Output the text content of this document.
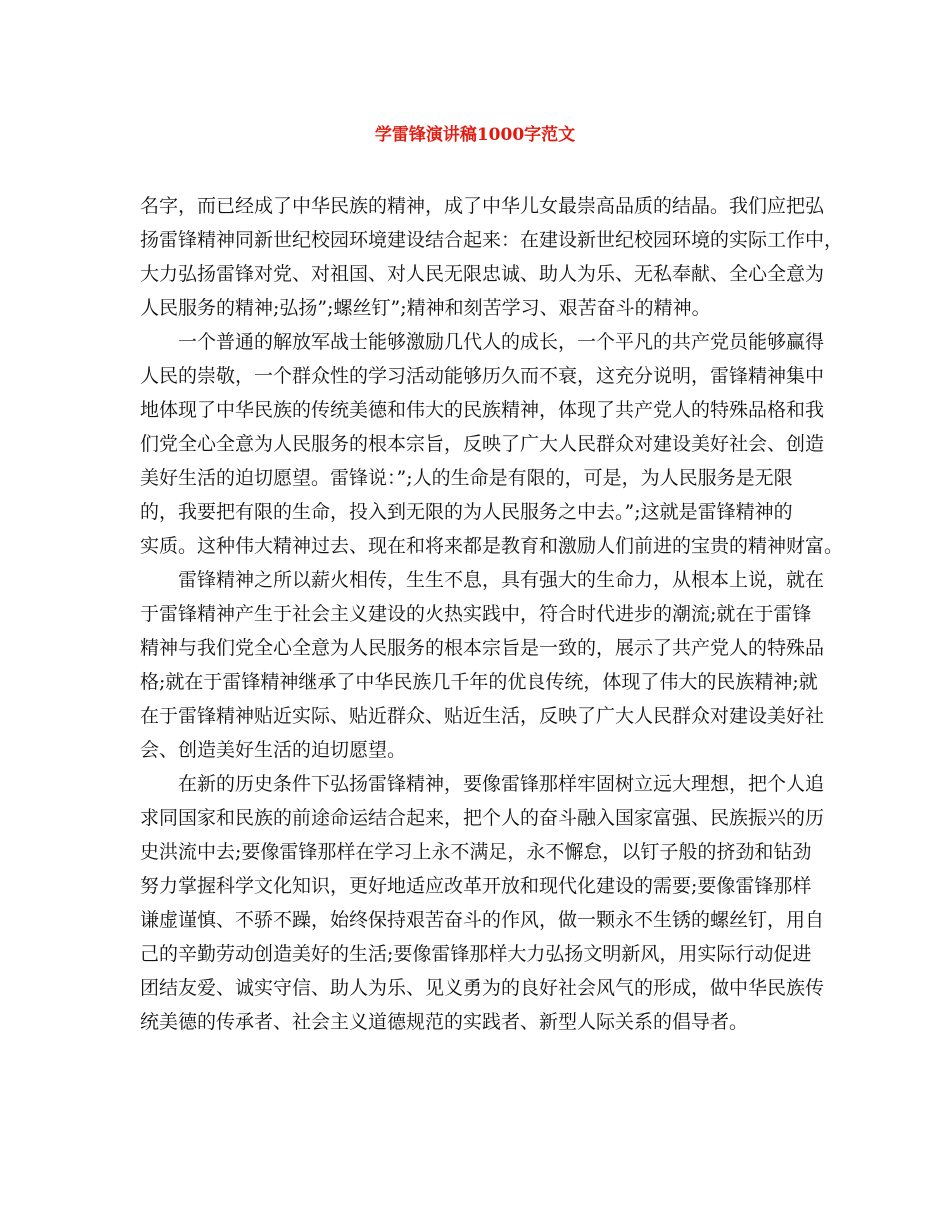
学雷锋演讲稿1000字范文

名字，而已经成了中华民族的精神，成了中华儿女最崇高品质的结晶。我们应把弘
扬雷锋精神同新世纪校园环境建设结合起来：在建设新世纪校园环境的实际工作中，
大力弘扬雷锋对党、对祖国、对人民无限忠诚、助人为乐、无私奉献、全心全意为
人民服务的精神;弘扬”;螺丝钉”;精神和刻苦学习、艰苦奋斗的精神。

一个普通的解放军战士能够激励几代人的成长，一个平凡的共产党员能够赢得
人民的崇敬，一个群众性的学习活动能够历久而不衰，这充分说明，雷锋精神集中
地体现了中华民族的传统美德和伟大的民族精神，体现了共产党人的特殊品格和我
们党全心全意为人民服务的根本宗旨，反映了广大人民群众对建设美好社会、创造
美好生活的迫切愿望。雷锋说：”;人的生命是有限的，可是，为人民服务是无限
的，我要把有限的生命，投入到无限的为人民服务之中去。”;这就是雷锋精神的
实质。这种伟大精神过去、现在和将来都是教育和激励人们前进的宝贵的精神财富。

雷锋精神之所以薪火相传，生生不息，具有强大的生命力，从根本上说，就在
于雷锋精神产生于社会主义建设的火热实践中，符合时代进步的潮流;就在于雷锋
精神与我们党全心全意为人民服务的根本宗旨是一致的，展示了共产党人的特殊品
格;就在于雷锋精神继承了中华民族几千年的优良传统，体现了伟大的民族精神;就
在于雷锋精神贴近实际、贴近群众、贴近生活，反映了广大人民群众对建设美好社
会、创造美好生活的迫切愿望。

在新的历史条件下弘扬雷锋精神，要像雷锋那样牢固树立远大理想，把个人追
求同国家和民族的前途命运结合起来，把个人的奋斗融入国家富强、民族振兴的历
史洪流中去;要像雷锋那样在学习上永不满足，永不懈怠，以钉子般的挤劲和钻劲
努力掌握科学文化知识，更好地适应改革开放和现代化建设的需要;要像雷锋那样
谦虚谨慎、不骄不躁，始终保持艰苦奋斗的作风，做一颗永不生锈的螺丝钉，用自
己的辛勤劳动创造美好的生活;要像雷锋那样大力弘扬文明新风，用实际行动促进
团结友爱、诚实守信、助人为乐、见义勇为的良好社会风气的形成，做中华民族传
统美德的传承者、社会主义道德规范的实践者、新型人际关系的倡导者。
